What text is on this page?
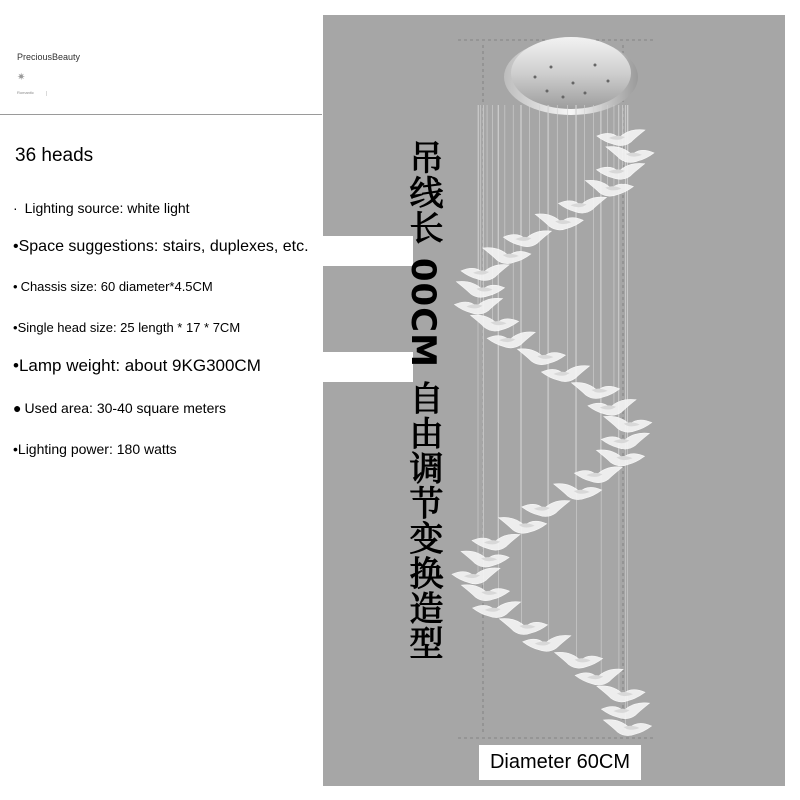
PreciousBeauty
✷
Romantic |
36 heads
· Lighting source: white light
•Space suggestions: stairs, duplexes, etc.
• Chassis size: 60 diameter*4.5CM
•Single head size: 25 length * 17 * 7CM
•Lamp weight: about 9KG300CM
● Used area: 30-40 square meters
•Lighting power: 180 watts	吊线长 00CM 自由调节变换造型
Diameter 60CM
